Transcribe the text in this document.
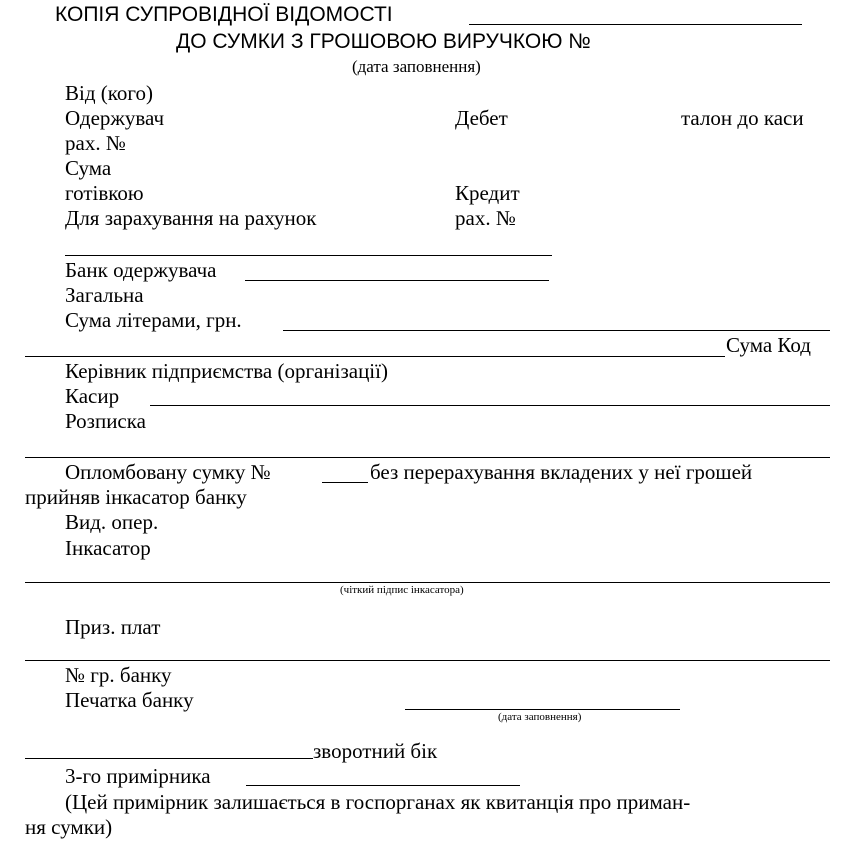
КОПІЯ СУПРОВІДНОЇ ВІДОМОСТІ
ДО СУМКИ З ГРОШОВОЮ ВИРУЧКОЮ №
(дата заповнення)
Від (кого)
Одержувач	Дебет	талон до каси
рах. №
Сума
готівкою	Кредит
Для зарахування на рахунок	рах. №
Банк одержувача
Загальна
Сума літерами, грн.
Сума Код
Керівник підприємства (організації)
Касир
Розписка
Опломбовану сумку №	без перерахування вкладених у неї грошей
прийняв інкасатор банку
Вид. опер.
Інкасатор
(чіткий підпис інкасатора)
Приз. плат
№ гр. банку
Печатка банку
(дата заповнення)
зворотний бік
3-го примірника
(Цей примірник залишається в госпорганах як квитанція про приман-
ня сумки)
